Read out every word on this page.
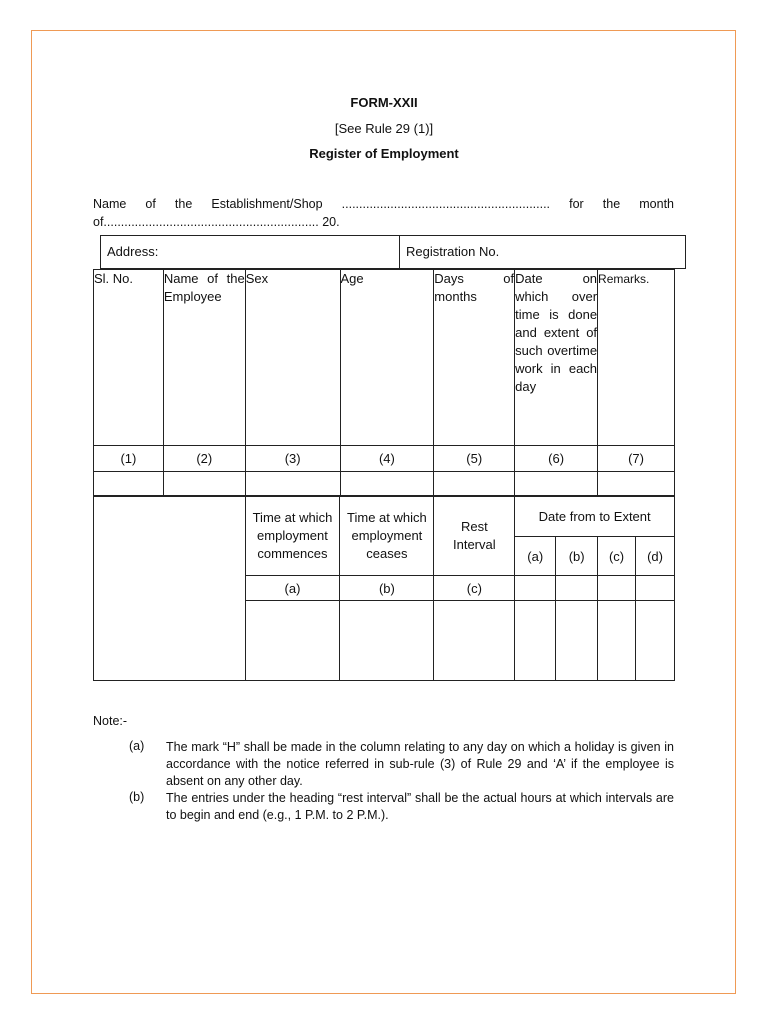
FORM-XXII
[See Rule 29 (1)]
Register of Employment
Name of the Establishment/Shop ............................................................ for the month
of.............................................................. 20.
Address:	Registration No.
Sl. No.	Name of the Employee	Sex	Age	Days of months	Date on which over time is done and extent of such overtime work in each day	Remarks.
(1)	(2)	(3)	(4)	(5)	(6)	(7)

	Time at which employment commences	Time at which employment ceases	Rest Interval	Date from to Extent			
				(a)	(b)	(c)	(d)
	(a)	(b)	(c)				

Note:-
(a) The mark “H” shall be made in the column relating to any day on which a holiday is given in accordance with the notice referred in sub-rule (3) of Rule 29 and ‘A’ if the employee is absent on any other day.
(b) The entries under the heading “rest interval” shall be the actual hours at which intervals are to begin and end (e.g., 1 P.M. to 2 P.M.).
